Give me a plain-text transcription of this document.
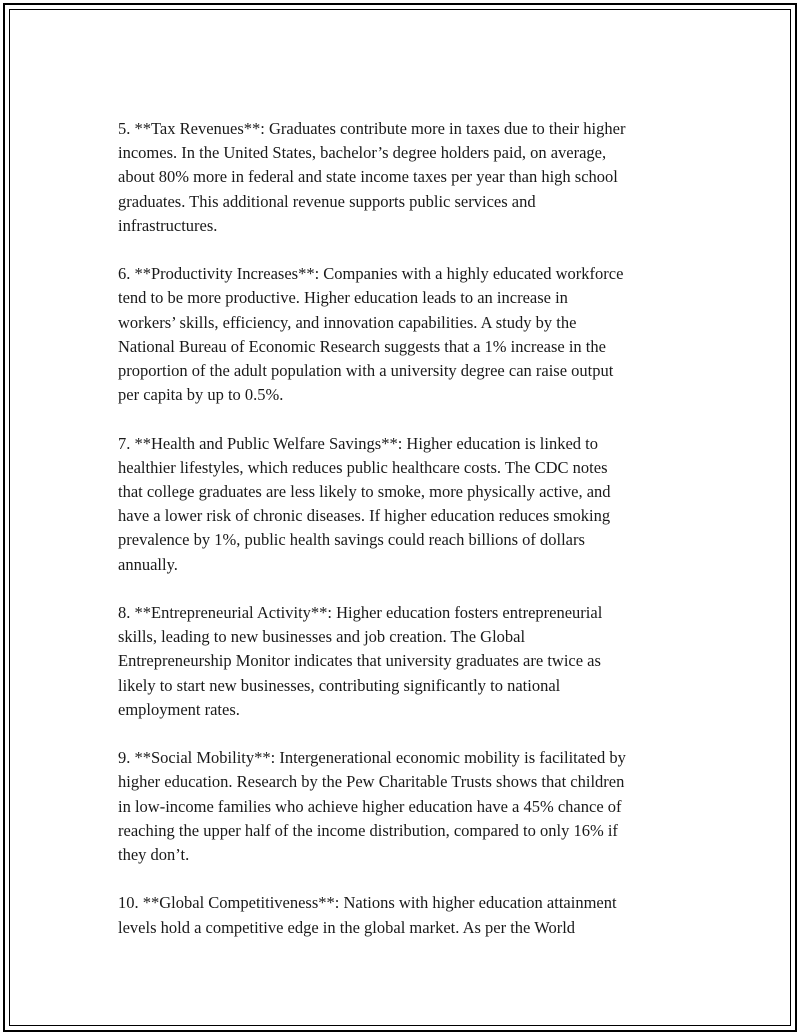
5. **Tax Revenues**: Graduates contribute more in taxes due to their higher
incomes. In the United States, bachelor’s degree holders paid, on average,
about 80% more in federal and state income taxes per year than high school
graduates. This additional revenue supports public services and
infrastructures.

6. **Productivity Increases**: Companies with a highly educated workforce
tend to be more productive. Higher education leads to an increase in
workers’ skills, efficiency, and innovation capabilities. A study by the
National Bureau of Economic Research suggests that a 1% increase in the
proportion of the adult population with a university degree can raise output
per capita by up to 0.5%.

7. **Health and Public Welfare Savings**: Higher education is linked to
healthier lifestyles, which reduces public healthcare costs. The CDC notes
that college graduates are less likely to smoke, more physically active, and
have a lower risk of chronic diseases. If higher education reduces smoking
prevalence by 1%, public health savings could reach billions of dollars
annually.

8. **Entrepreneurial Activity**: Higher education fosters entrepreneurial
skills, leading to new businesses and job creation. The Global
Entrepreneurship Monitor indicates that university graduates are twice as
likely to start new businesses, contributing significantly to national
employment rates.

9. **Social Mobility**: Intergenerational economic mobility is facilitated by
higher education. Research by the Pew Charitable Trusts shows that children
in low-income families who achieve higher education have a 45% chance of
reaching the upper half of the income distribution, compared to only 16% if
they don’t.

10. **Global Competitiveness**: Nations with higher education attainment
levels hold a competitive edge in the global market. As per the World
